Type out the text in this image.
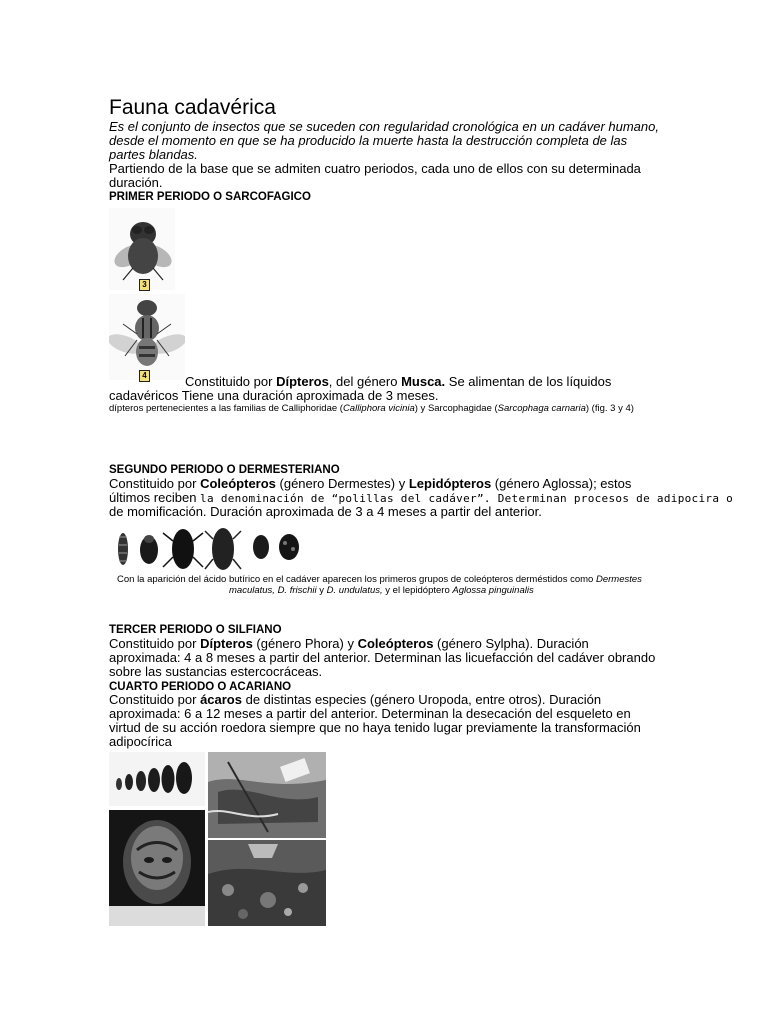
Fauna cadavérica
Es el conjunto de insectos que se suceden con regularidad cronológica en un cadáver humano,
desde el momento en que se ha producido la muerte hasta la destrucción completa de las
partes blandas.
Partiendo de la base que se admiten cuatro periodos, cada uno de ellos con su determinada
duración.
PRIMER PERIODO O SARCOFAGICO
3
4	Constituido por Dípteros, del género Musca. Se alimentan de los líquidos
cadavéricos Tiene una duración aproximada de 3 meses.
dípteros pertenecientes a las familias de Calliphoridae (Calliphora vicinia) y Sarcophagidae (Sarcophaga carnaria) (fig. 3 y 4)
SEGUNDO PERIODO O DERMESTERIANO
Constituido por Coleópteros (género Dermestes) y Lepidópteros (género Aglossa); estos
últimos reciben la denominación de “polillas del cadáver”. Determinan procesos de adipocira o
de momificación. Duración aproximada de 3 a 4 meses a partir del anterior.
Con la aparición del ácido butírico en el cadáver aparecen los primeros grupos de coleópteros derméstidos como Dermestes
maculatus, D. frischii y D. undulatus, y el lepidóptero Aglossa pinguinalis
TERCER PERIODO O SILFIANO
Constituido por Dípteros (género Phora) y Coleópteros (género Sylpha). Duración
aproximada: 4 a 8 meses a partir del anterior. Determinan las licuefacción del cadáver obrando
sobre las sustancias estercocráceas.
CUARTO PERIODO O ACARIANO
Constituido por ácaros de distintas especies (género Uropoda, entre otros). Duración
aproximada: 6 a 12 meses a partir del anterior. Determinan la desecación del esqueleto en
virtud de su acción roedora siempre que no haya tenido lugar previamente la transformación
adipocírica
